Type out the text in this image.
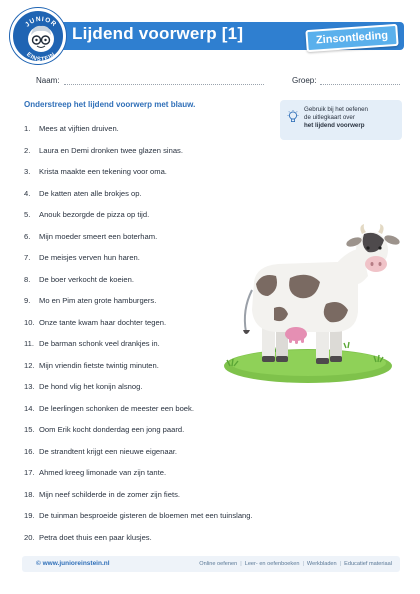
JUNIOR
EINSTEIN
Lijdend voorwerp [1]	Zinsontleding
Naam:	Groep:
Onderstreep het lijdend voorwerp met blauw.
Gebruik bij het oefenen
de uitlegkaart over
het lijdend voorwerp
1.	Mees at vijftien druiven.
2.	Laura en Demi dronken twee glazen sinas.
3.	Krista maakte een tekening voor oma.
4.	De katten aten alle brokjes op.
5.	Anouk bezorgde de pizza op tijd.
6.	Mijn moeder smeert een boterham.
7.	De meisjes verven hun haren.
8.	De boer verkocht de koeien.
9.	Mo en Pim aten grote hamburgers.
10. Onze tante kwam haar dochter tegen.
11. De barman schonk veel drankjes in.
12. Mijn vriendin fietste twintig minuten.
13. De hond vlig het konijn alsnog.
14. De leerlingen schonken de meester een boek.
15. Oom Erik kocht donderdag een jong paard.
16. De strandtent krijgt een nieuwe eigenaar.
17. Ahmed kreeg limonade van zijn tante.
18. Mijn neef schilderde in de zomer zijn fiets.
19. De tuinman besproeide gisteren de bloemen met een tuinslang.
20. Petra doet thuis een paar klusjes.
© www.junioreinstein.nl	Online oefenen | Leer- en oefenboeken | Werkbladen | Educatief materiaal
